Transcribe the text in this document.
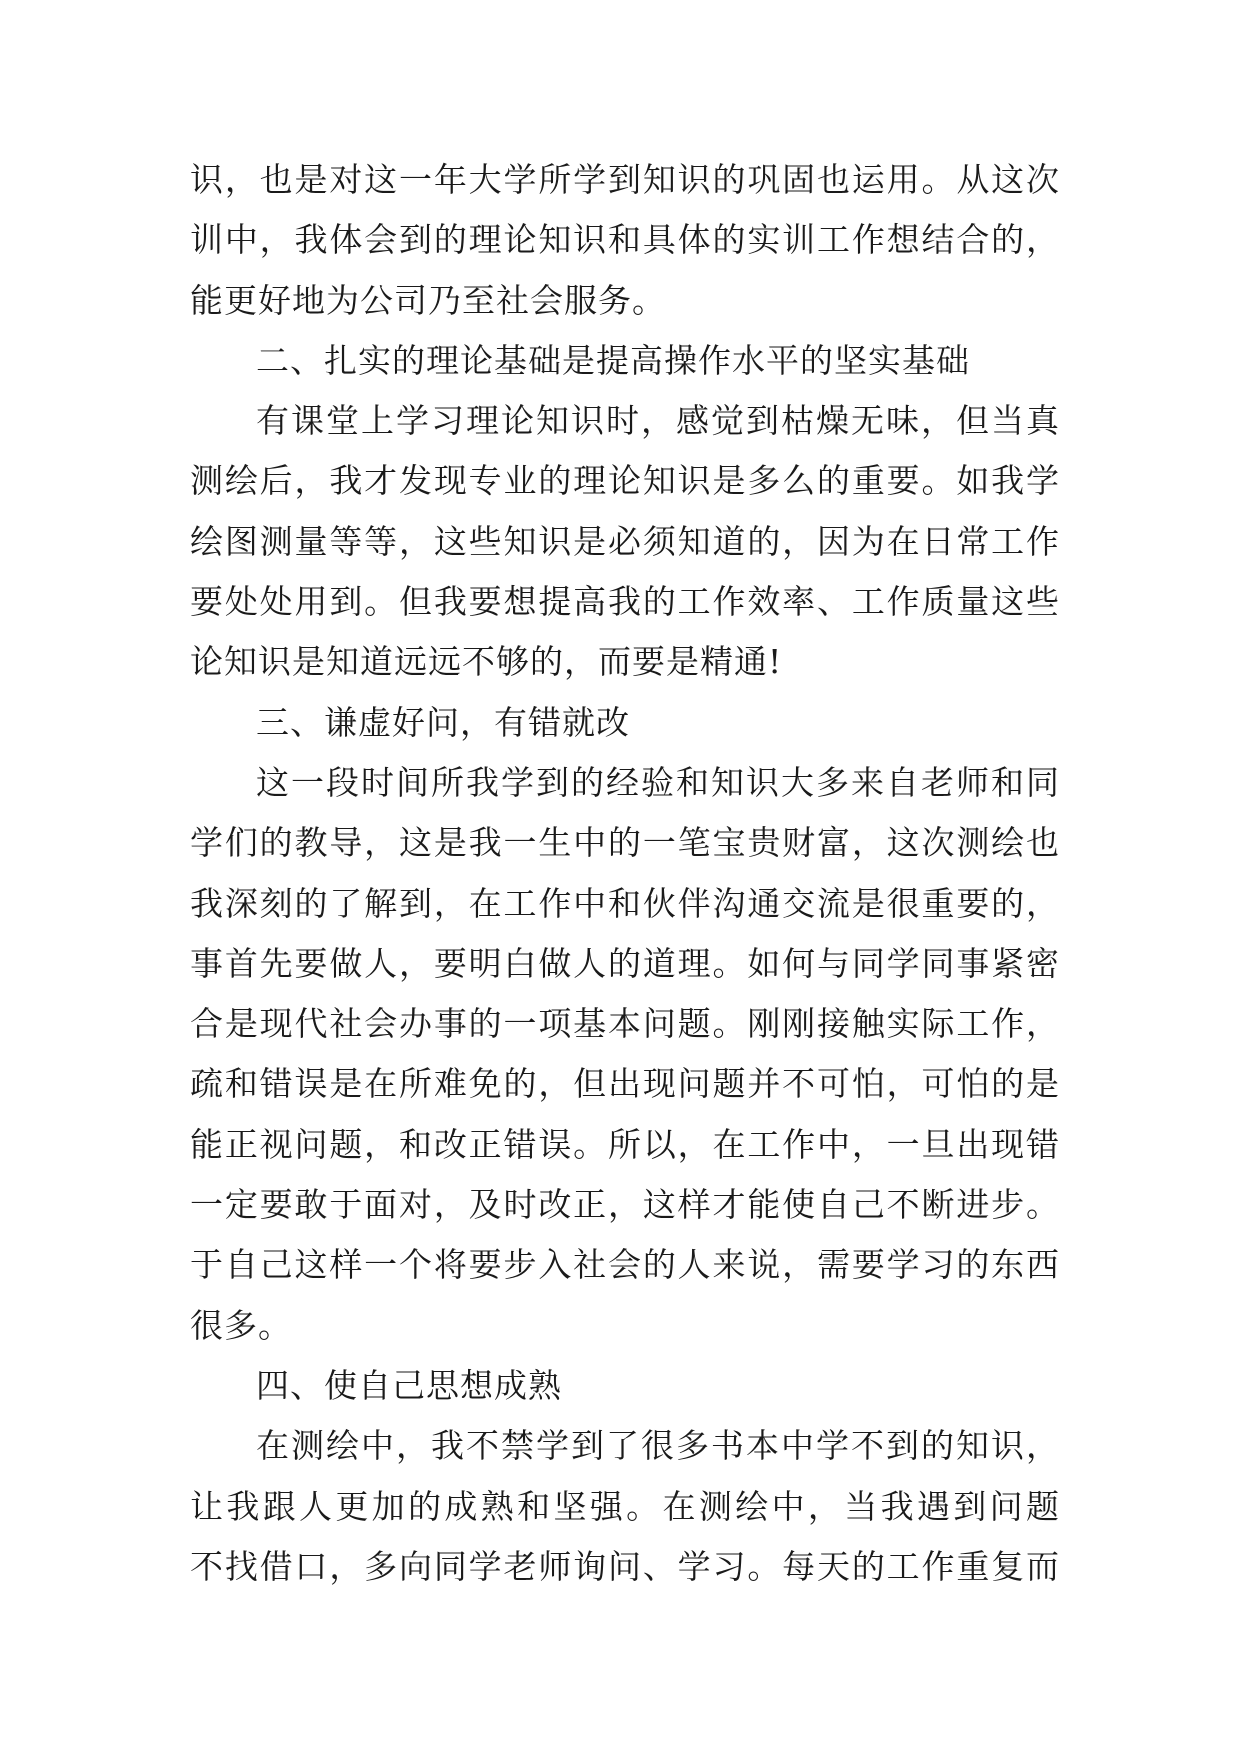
识，也是对这一年大学所学到知识的巩固也运用。从这次
训中，我体会到的理论知识和具体的实训工作想结合的，
能更好地为公司乃至社会服务。
二、扎实的理论基础是提高操作水平的坚实基础
有课堂上学习理论知识时，感觉到枯燥无味，但当真
测绘后，我才发现专业的理论知识是多么的重要。如我学
绘图测量等等，这些知识是必须知道的，因为在日常工作
要处处用到。但我要想提高我的工作效率、工作质量这些
论知识是知道远远不够的，而要是精通!
三、谦虚好问，有错就改
这一段时间所我学到的经验和知识大多来自老师和同
学们的教导，这是我一生中的一笔宝贵财富，这次测绘也
我深刻的了解到，在工作中和伙伴沟通交流是很重要的，
事首先要做人，要明白做人的道理。如何与同学同事紧密
合是现代社会办事的一项基本问题。刚刚接触实际工作，
疏和错误是在所难免的，但出现问题并不可怕，可怕的是
能正视问题，和改正错误。所以，在工作中，一旦出现错
一定要敢于面对，及时改正，这样才能使自己不断进步。
于自己这样一个将要步入社会的人来说，需要学习的东西
很多。
四、使自己思想成熟
在测绘中，我不禁学到了很多书本中学不到的知识，
让我跟人更加的成熟和坚强。在测绘中，当我遇到问题
不找借口，多向同学老师询问、学习。每天的工作重复而
